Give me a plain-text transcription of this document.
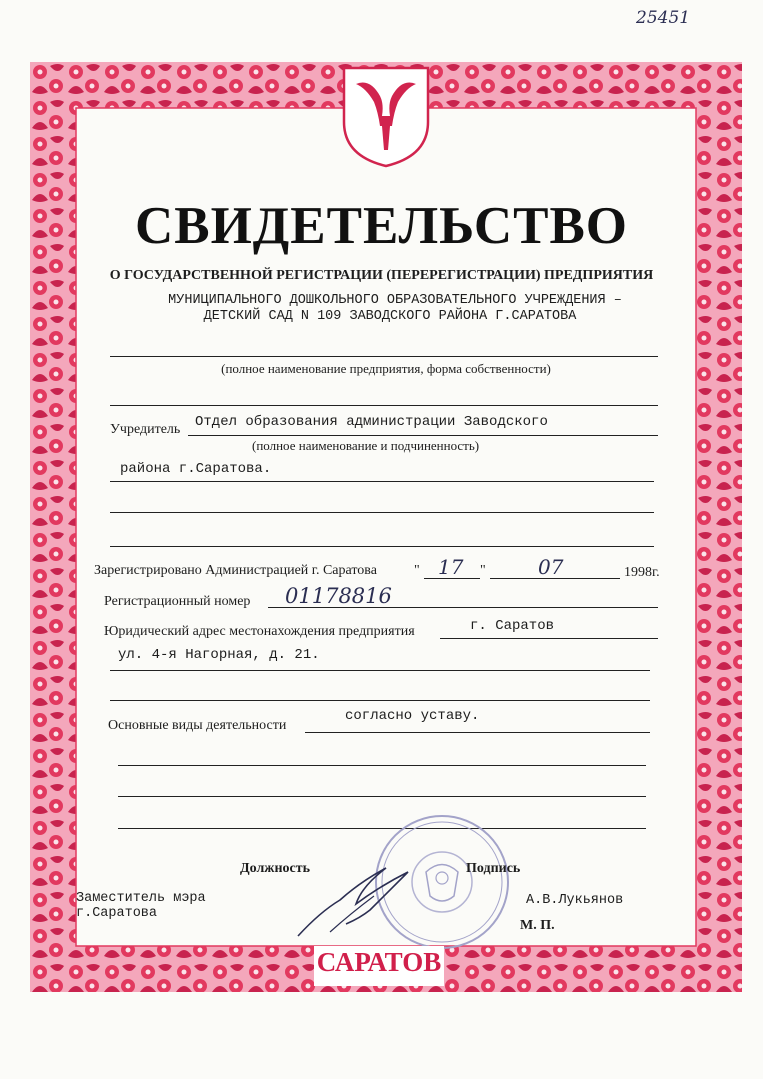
25451
СВИДЕТЕЛЬСТВО
О ГОСУДАРСТВЕННОЙ РЕГИСТРАЦИИ (ПЕРЕРЕГИСТРАЦИИ) ПРЕДПРИЯТИЯ
МУНИЦИПАЛЬНОГО ДОШКОЛЬНОГО ОБРАЗОВАТЕЛЬНОГО УЧРЕЖДЕНИЯ –
ДЕТСКИЙ САД N 109 ЗАВОДСКОГО РАЙОНА Г.САРАТОВА
(полное наименование предприятия, форма собственности)
Учредитель Отдел образования администрации Заводского
(полное наименование и подчиненность)
района г.Саратова.
Зарегистрировано Администрацией г. Саратова	" 17 "	07	1998г.
Регистрационный номер 01178816
Юридический адрес местонахождения предприятия	г. Саратов
ул. 4-я Нагорная, д. 21.
Основные виды деятельности
согласно уставу.
Должность	Подпись
Заместитель мэра
г.Саратова
А.В.Лукьянов
М. П.
САРАТОВ
